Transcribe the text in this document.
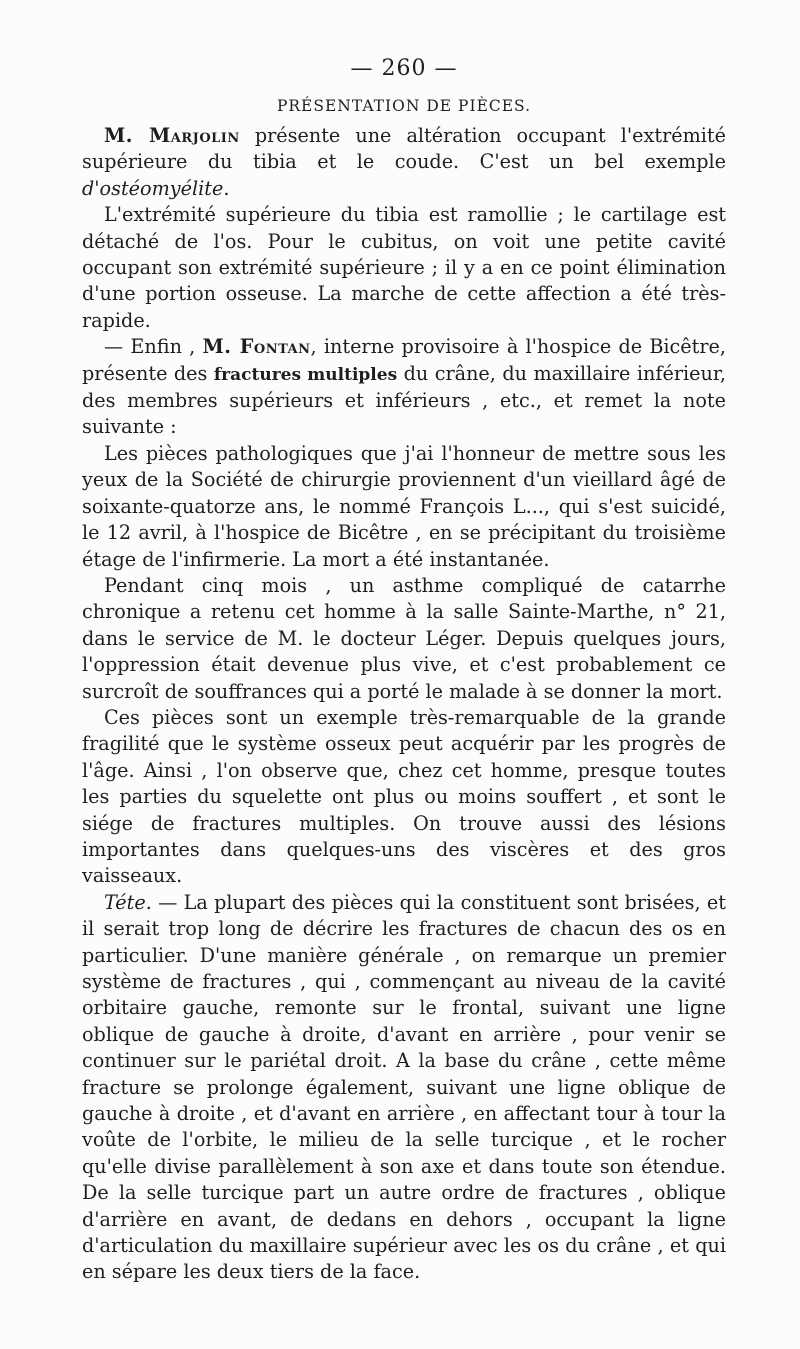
— 260 —
PRÉSENTATION DE PIÈCES.

M. Marjolin présente une altération occupant l'extrémité supérieure du tibia et le coude. C'est un bel exemple d'ostéomyélite.

L'extrémité supérieure du tibia est ramollie ; le cartilage est détaché de l'os. Pour le cubitus, on voit une petite cavité occupant son extrémité supérieure ; il y a en ce point élimination d'une portion osseuse. La marche de cette affection a été très-rapide.

— Enfin , M. Fontan, interne provisoire à l'hospice de Bicêtre, présente des fractures multiples du crâne, du maxillaire inférieur, des membres supérieurs et inférieurs , etc., et remet la note suivante :

Les pièces pathologiques que j'ai l'honneur de mettre sous les yeux de la Société de chirurgie proviennent d'un vieillard âgé de soixante-quatorze ans, le nommé François L..., qui s'est suicidé, le 12 avril, à l'hospice de Bicêtre , en se précipitant du troisième étage de l'infirmerie. La mort a été instantanée.

Pendant cinq mois , un asthme compliqué de catarrhe chronique a retenu cet homme à la salle Sainte-Marthe, n° 21, dans le service de M. le docteur Léger. Depuis quelques jours, l'oppression était devenue plus vive, et c'est probablement ce surcroît de souffrances qui a porté le malade à se donner la mort.

Ces pièces sont un exemple très-remarquable de la grande fragilité que le système osseux peut acquérir par les progrès de l'âge. Ainsi , l'on observe que, chez cet homme, presque toutes les parties du squelette ont plus ou moins souffert , et sont le siége de fractures multiples. On trouve aussi des lésions importantes dans quelques-uns des viscères et des gros vaisseaux.

Téte. — La plupart des pièces qui la constituent sont brisées, et il serait trop long de décrire les fractures de chacun des os en particulier. D'une manière générale , on remarque un premier système de fractures , qui , commençant au niveau de la cavité orbitaire gauche, remonte sur le frontal, suivant une ligne oblique de gauche à droite, d'avant en arrière , pour venir se continuer sur le pariétal droit. A la base du crâne , cette même fracture se prolonge également, suivant une ligne oblique de gauche à droite , et d'avant en arrière , en affectant tour à tour la voûte de l'orbite, le milieu de la selle turcique , et le rocher qu'elle divise parallèlement à son axe et dans toute son étendue. De la selle turcique part un autre ordre de fractures , oblique d'arrière en avant, de dedans en dehors , occupant la ligne d'articulation du maxillaire supérieur avec les os du crâne , et qui en sépare les deux tiers de la face.
